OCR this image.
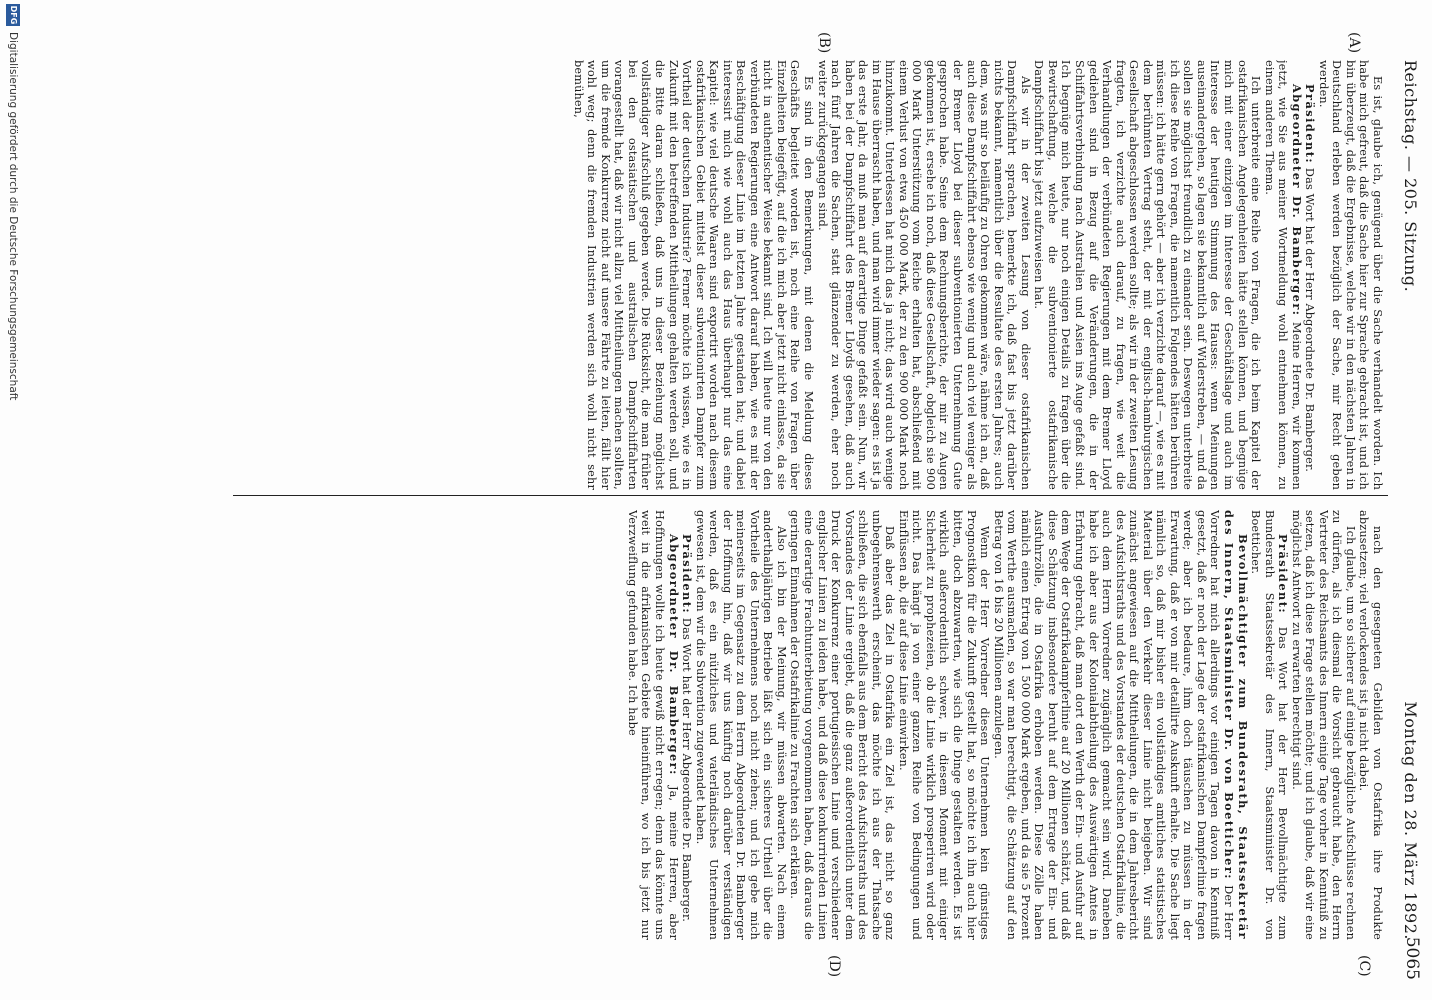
Reichstag. — 205. Sitzung.
Montag den 28. März 1892.
5065
(A)
(B)
(C)
(D)

Es ist, glaube ich, genügend über die Sache verhandelt worden. Ich habe mich gefreut, daß die Sache hier zur Sprache gebracht ist, und ich bin überzeugt, daß die Ergebnisse, welche wir in den nächsten Jahren in Deutschland erleben werden bezüglich der Sache, mir Recht geben werden.

Präsident: Das Wort hat der Herr Abgeordnete Dr. Bamberger.

Abgeordneter Dr. Bamberger: Meine Herren, wir kommen jetzt, wie Sie aus meiner Wortmeldung wohl entnehmen können, zu einem anderen Thema.

Ich unterbreite eine Reihe von Fragen, die ich beim Kapitel der ostafrikanischen Angelegenheiten hätte stellen können, und begnüge mich mit einer einzigen im Interesse der Geschäftslage und auch im Interesse der heutigen Stimmung des Hauses: wenn Meinungen auseinandergehen, so lagen sie bekanntlich auf Widerstreben, — und da sollen sie möglichst freundlich zu einander sein. Deswegen unterbreite ich diese Reihe von Fragen, die namentlich Folgendes hätten berühren müssen: ich hätte gern gehört — aber ich verzichte darauf —, wie es mit dem berühmten Vertrag steht, der mit der englisch-hamburgischen Gesellschaft abgeschlossen werden sollte; als wir in der zweiten Lesung fragten, ich verzichte auch darauf, zu fragen, wie weit die Verhandlungen der verbündeten Regierungen mit dem Bremer Lloyd gediehen sind in Bezug auf die Veränderungen, die in der Schiffahrtsverbindung nach Australien und Asien ins Auge gefaßt sind. Ich begnüge mich heute, nur noch einigen Details zu fragen über die Bewirtschaftung, welche die subventionierte ostafrikanische Dampfschiffahrt bis jetzt aufzuweisen hat.

Als wir in der zweiten Lesung von dieser ostafrikanischen Dampfschiffahrt sprachen, bemerkte ich, daß fast bis jetzt darüber nichts bekannt, namentlich über die Resultate des ersten Jahres; auch dem, was mir so beiläufig zu Ohren gekommen wäre, nähme ich an, daß auch diese Dampfschiffahrt ebenso wie wenig und auch viel weniger als der Bremer Lloyd bei dieser subventionierten Unternehmung Gute gesprochen habe. Seine dem Rechnungsberichte, der mir zu Augen gekommen ist, ersehe ich noch, daß diese Gesellschaft, obgleich sie 900 000 Mark Unterstützung vom Reiche erhalten hat, abschließend mit einem Verlust von etwa 450 000 Mark, der zu den 900 000 Mark noch hinzukommt. Unterdessen hat mich das ja nicht; das wird auch wenige im Hause überrascht haben, und man wird immer wieder sagen: es ist ja das erste Jahr, da muß man auf derartige Dinge gefaßt sein. Nun, wir haben bei der Dampfschiffahrt des Bremer Lloyds gesehen, daß auch nach fünf Jahren die Sachen, statt glänzender zu werden, eher noch weiter zurückgegangen sind.

Es sind in den Bemerkungen, mit denen die Meldung dieses Geschäfts begleitet worden ist, noch eine Reihe von Fragen über Einzelheiten beigefügt, auf die ich mich aber jetzt nicht einlasse, da sie nicht in authentischer Weise bekannt sind. Ich will heute nur von den verbündeten Regierungen eine Antwort darauf haben, wie es mit der Beschäftigung dieser Linie im letzten Jahre gestanden hat; und dabei interessirt mich wie wohl auch das Haus überhaupt nur das eine Kapitel: wie viel deutsche Waaren sind exportirt worden nach diesem ostafrikanischen Gebiet mittelst dieser subventionirten Dampfer zum Vortheil der deutschen Industrie? Ferner möchte ich wissen, wie es in Zukunft mit den betreffenden Mittheilungen gehalten werden soll, und die Bitte daran schließen, daß uns in dieser Beziehung möglichst vollständiger Aufschluß gegeben werde. Die Rücksicht, die man früher bei den ostasiatischen und australischen Dampfschiffahrten vorangestellt hat, daß wir nicht allzu viel Mittheilungen machen sollten, um die fremde Konkurrenz nicht auf unsere Fährte zu leiten, fällt hier wohl weg; denn die fremden Industrien werden sich wohl nicht sehr bemühen,

nach den gesegneten Gebilden von Ostafrika ihre Produkte abzusetzen; viel verlockendes ist ja nicht dabei.

Ich glaube, um so sicherer auf einige bezügliche Aufschlüsse rechnen zu dürfen, als ich diesmal die Vorsicht gebraucht habe, den Herrn Vertreter des Reichsamts des Innern einige Tage vorher in Kenntniß zu setzen, daß ich diese Frage stellen möchte; und ich glaube, daß wir eine möglichst Antwort zu erwarten berechtigt sind.

Präsident: Das Wort hat der Herr Bevollmächtigte zum Bundesrath Staatssekretär des Innern, Staatsminister Dr. von Boetticher.

Bevollmächtigter zum Bundesrath, Staatssekretär des Innern, Staatsminister Dr. von Boetticher: Der Herr Vorredner hat mich allerdings vor einigen Tagen davon in Kenntniß gesetzt, daß er noch der Lage der ostafrikanischen Dampferlinie fragen werde; aber ich bedaure, ihm doch täuschen zu müssen in der Erwartung, daß er von mir detaillirte Auskunft erhalte. Die Sache liegt nämlich so, daß mir bisher ein vollständiges amtliches statistisches Material über den Verkehr dieser Linie nicht beigeben. Wir sind zunächst angewiesen auf die Mittheilungen, die in dem Jahresbericht des Aufsichtsraths und des Vorstandes der deutschen Ostafrikalinie, die auch dem Herrn Vorredner zugänglich gemacht sein wird. Daneben habe ich aber aus der Kolonialabtheilung des Auswärtigen Amtes in Erfahrung gebracht, daß man dort den Werth der Ein- und Ausfuhr auf dem Wege der Ostafrikadampferlinie auf 20 Millionen schätzt, und daß diese Schätzung insbesondere beruht auf dem Ertrage der Ein- und Ausfuhrzölle, die in Ostafrika erhoben werden. Diese Zölle haben nämlich einen Ertrag von 1 500 000 Mark ergeben, und da sie 5 Prozent vom Werthe ausmachen, so war man berechtigt, die Schätzung auf den Betrag von 16 bis 20 Millionen anzulegen.

Wenn der Herr Vorredner diesen Unternehmen kein günstiges Prognostikon für die Zukunft gestellt hat, so möchte ich ihn auch hier bitten, doch abzuwarten, wie sich die Dinge gestalten werden. Es ist wirklich außerordentlich schwer, in diesem Moment mit einiger Sicherheit zu prophezeien, ob die Linie wirklich prosperiren wird oder nicht. Das hängt ja von einer ganzen Reihe von Bedingungen und Einflüssen ab, die auf diese Linie einwirken.

Daß aber das Ziel in Ostafrika ein Ziel ist, das nicht so ganz unbegehrenswerth erscheint, das möchte ich aus der Thatsache schließen, die sich ebenfalls aus dem Bericht des Aufsichtsraths und des Vorstandes der Linie ergiebt, daß die ganz außerordentlich unter dem Druck der Konkurrenz einer portugiesischen Linie und verschiedener englischer Linien zu leiden habe, und daß diese konkurrirenden Linien eine derartige Frachtunterbietung vorgenommen haben, daß daraus die geringen Einnahmen der Ostafrikalinie zu Frachten sich erklären.

Also ich bin der Meinung, wir müssen abwarten. Nach einem anderthalbjährigen Betriebe läßt sich ein sicheres Urtheil über die Vortheile des Unternehmens noch nicht ziehen; und ich gebe mich meinerseits im Gegensatz zu dem Herrn Abgeordneten Dr. Bamberger der Hoffnung hin, daß wir uns künftig noch darüber verständigen werden, daß es ein nützliches und vaterländisches Unternehmen gewesen ist, dem wir die Subvention zugewendet haben.

Präsident: Das Wort hat der Herr Abgeordnete Dr. Bamberger.

Abgeordneter Dr. Bamberger: Ja, meine Herren, aber Hoffnungen wollte ich heute gewiß nicht erregen; denn das könnte uns weit in die afrikanischen Gebiete hineinführen, wo ich bis jetzt nur Verzweiflung gefunden habe. Ich habe

DFG
Digitalisierung gefördert durch die Deutsche Forschungsgemeinschaft
